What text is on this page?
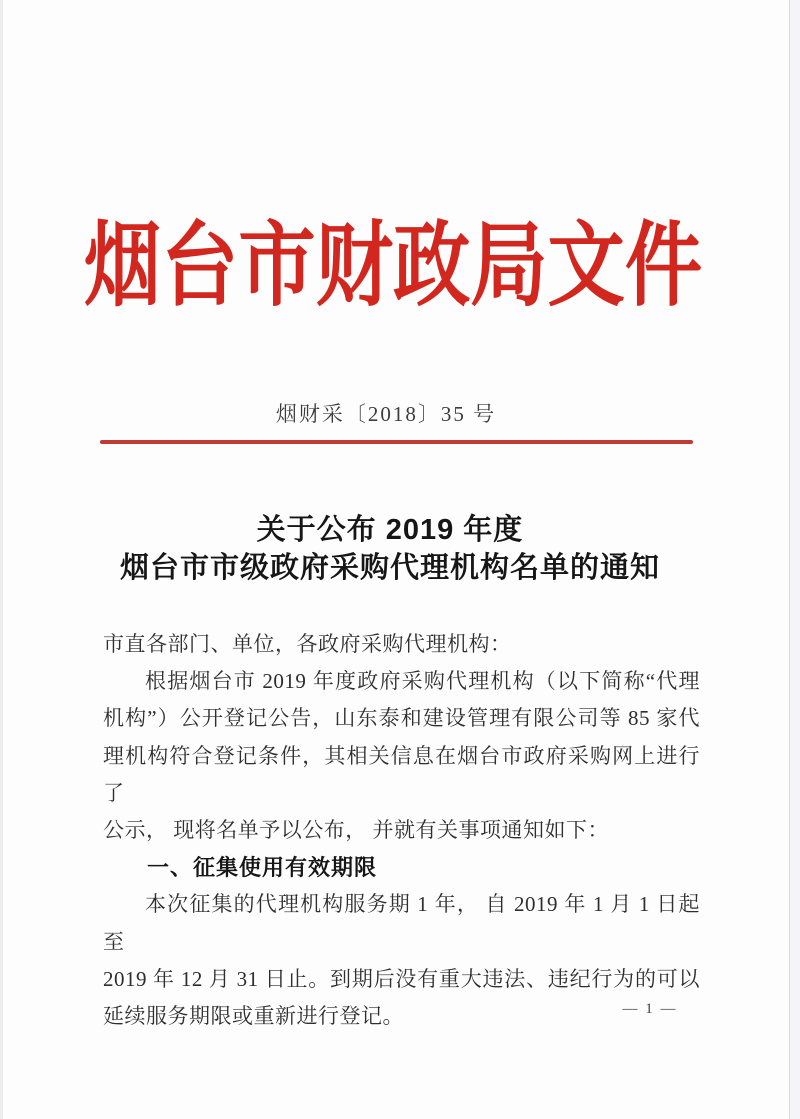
烟台市财政局文件
烟财采〔2018〕35 号
关于公布 2019 年度
烟台市市级政府采购代理机构名单的通知
市直各部门、单位，各政府采购代理机构：
根据烟台市 2019 年度政府采购代理机构（以下简称“代理
机构”）公开登记公告，山东泰和建设管理有限公司等 85 家代
理机构符合登记条件，其相关信息在烟台市政府采购网上进行了
公示， 现将名单予以公布， 并就有关事项通知如下：
一、征集使用有效期限
本次征集的代理机构服务期 1 年， 自 2019 年 1 月 1 日起至
2019 年 12 月 31 日止。到期后没有重大违法、违纪行为的可以
延续服务期限或重新进行登记。	— 1 —
